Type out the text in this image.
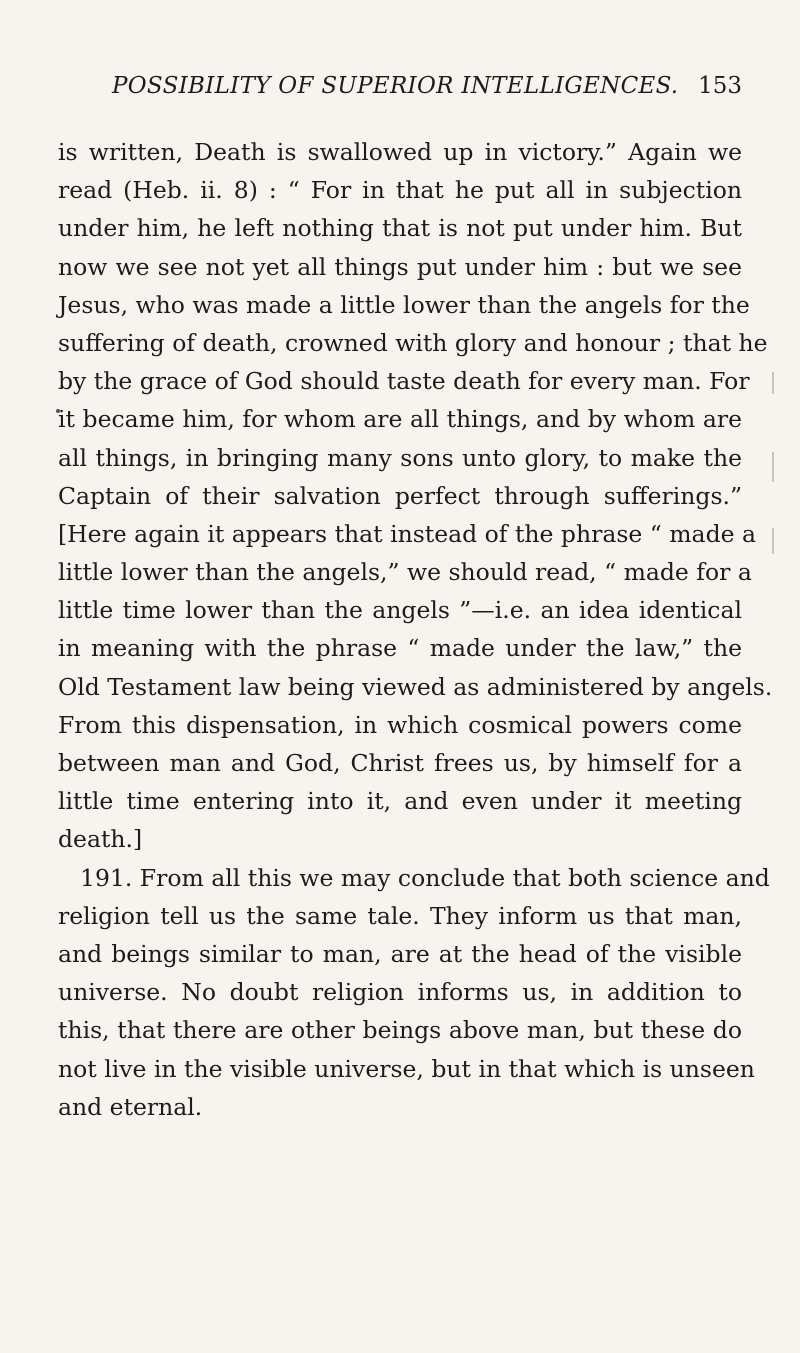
POSSIBILITY OF SUPERIOR INTELLIGENCES. 153
is written, Death is swallowed up in victory.” Again we
read (Heb. ii. 8) : “ For in that he put all in subjection
under him, he left nothing that is not put under him. But
now we see not yet all things put under him : but we see
Jesus, who was made a little lower than the angels for the
suffering of death, crowned with glory and honour ; that he
by the grace of God should taste death for every man. For
it became him, for whom are all things, and by whom are
all things, in bringing many sons unto glory, to make the
Captain of their salvation perfect through sufferings.”
[Here again it appears that instead of the phrase “ made a
little lower than the angels,” we should read, “ made for a
little time lower than the angels ”—i.e. an idea identical
in meaning with the phrase “ made under the law,” the
Old Testament law being viewed as administered by angels.
From this dispensation, in which cosmical powers come
between man and God, Christ frees us, by himself for a
little time entering into it, and even under it meeting
death.]
191. From all this we may conclude that both science and
religion tell us the same tale. They inform us that man,
and beings similar to man, are at the head of the visible
universe. No doubt religion informs us, in addition to
this, that there are other beings above man, but these do
not live in the visible universe, but in that which is unseen
and eternal.
